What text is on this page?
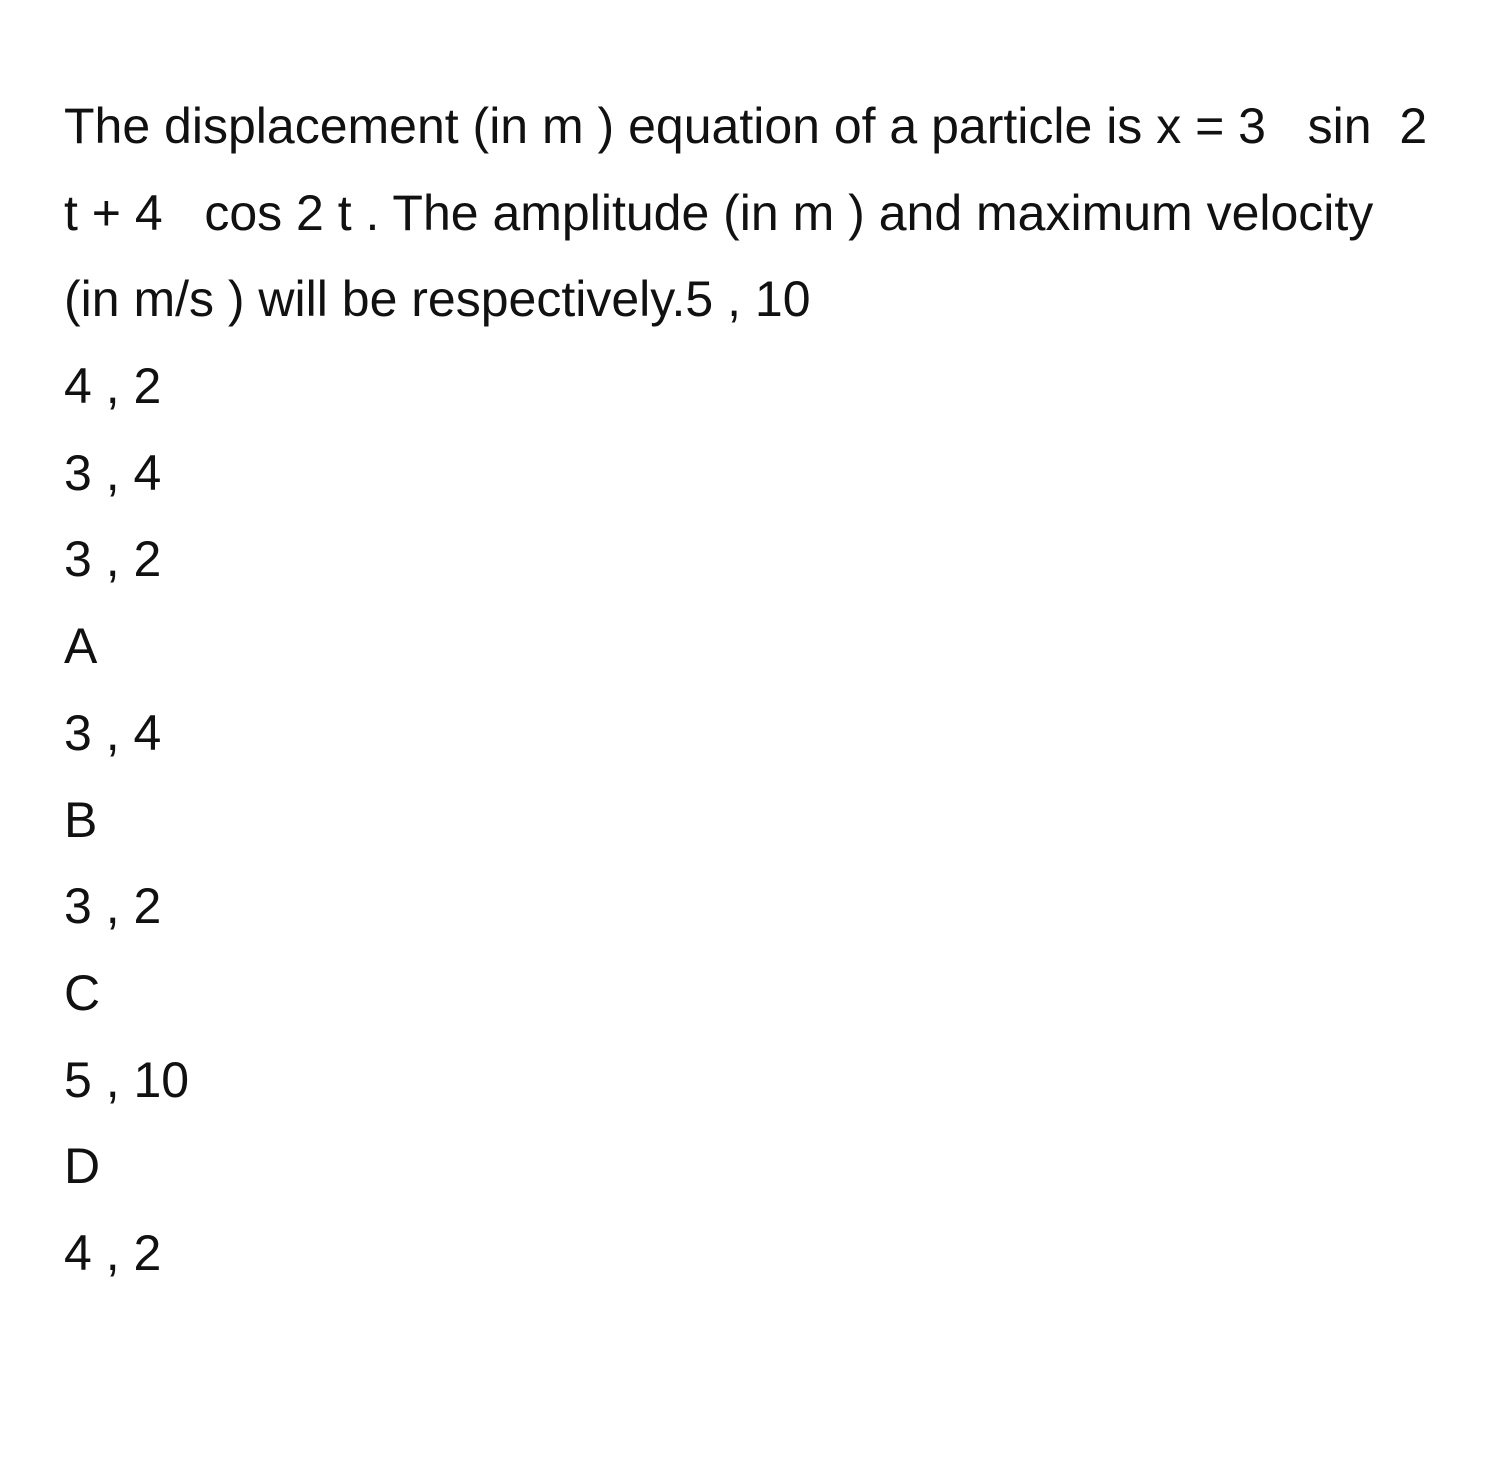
The displacement (in m ) equation of a particle is x = 3   sin  2 t + 4   cos 2 t . The amplitude (in m ) and maximum velocity  (in m/s ) will be respectively.5 , 10

4 , 2
3 , 4
3 , 2
A
3 , 4
B
3 , 2
C
5 , 10
D
4 , 2
